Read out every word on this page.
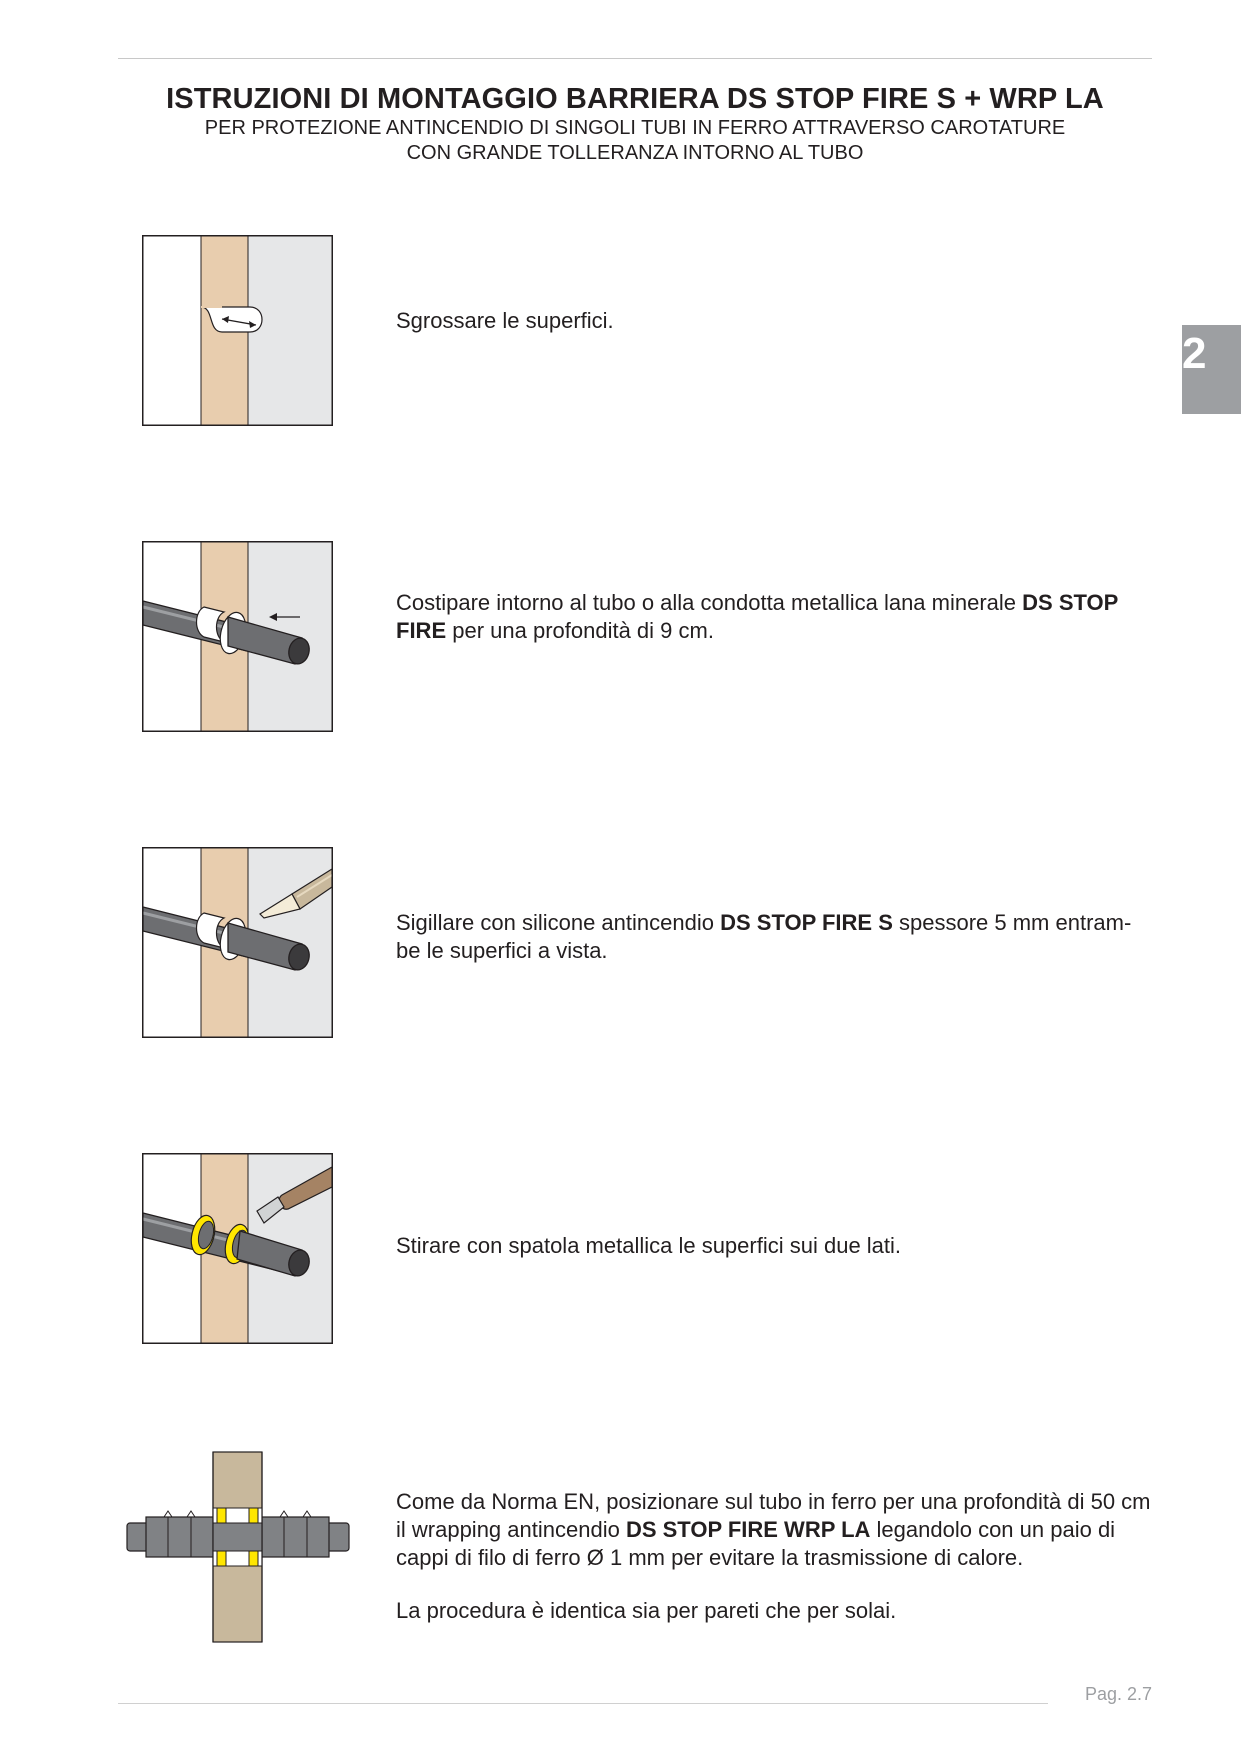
ISTRUZIONI DI MONTAGGIO BARRIERA DS STOP FIRE S + WRP LA
PER PROTEZIONE ANTINCENDIO DI SINGOLI TUBI IN FERRO ATTRAVERSO CAROTATURE
CON GRANDE TOLLERANZA INTORNO AL TUBO
2
Sgrossare le superfici.
Costipare intorno al tubo o alla condotta metallica lana minerale DS STOP FIRE per una profondità di 9 cm.
Sigillare con silicone antincendio DS STOP FIRE S spessore 5 mm entram-be le superfici a vista.
Stirare con spatola metallica le superfici sui due lati.
Come da Norma EN, posizionare sul tubo in ferro per una profondità di 50 cm il wrapping antincendio DS STOP FIRE WRP LA legandolo con un paio di cappi di filo di ferro Ø 1 mm per evitare la trasmissione di calore.
La procedura è identica sia per pareti che per solai.
Pag. 2.7
